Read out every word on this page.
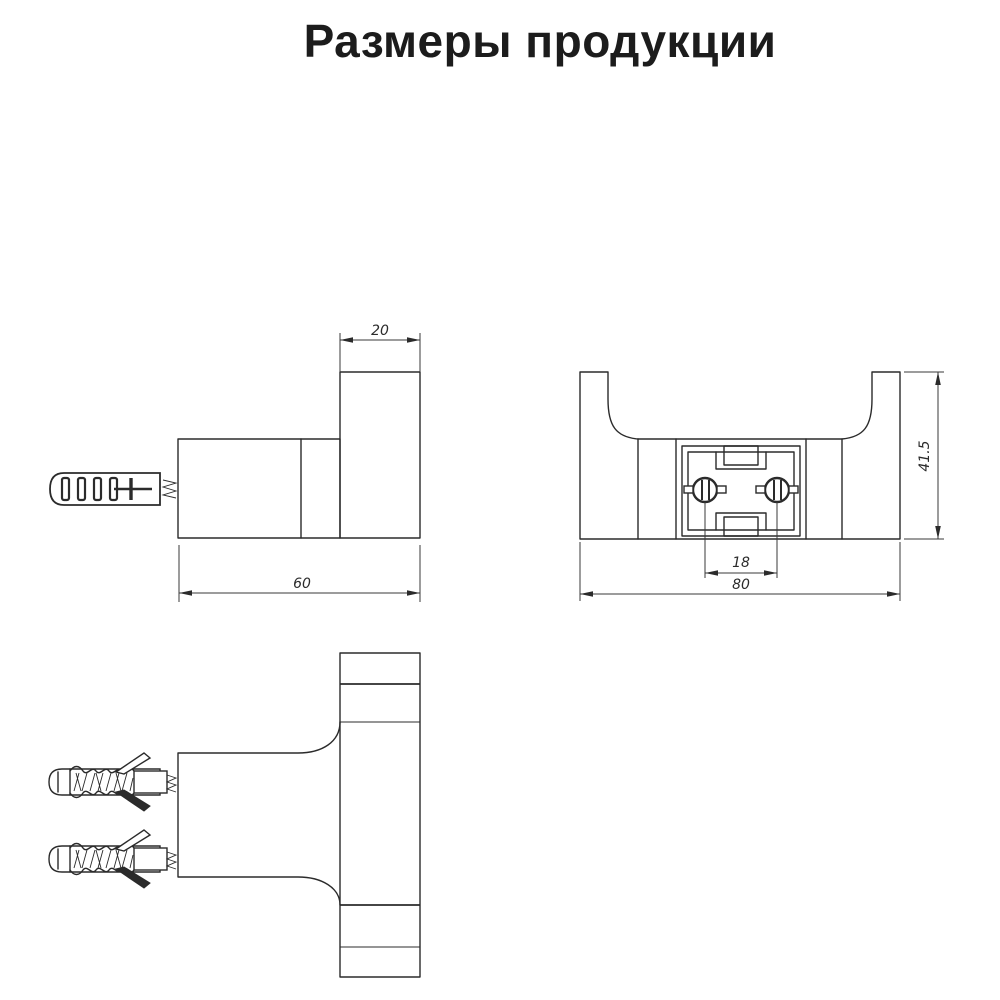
Размеры продукции
20
60
18
80
41.5
